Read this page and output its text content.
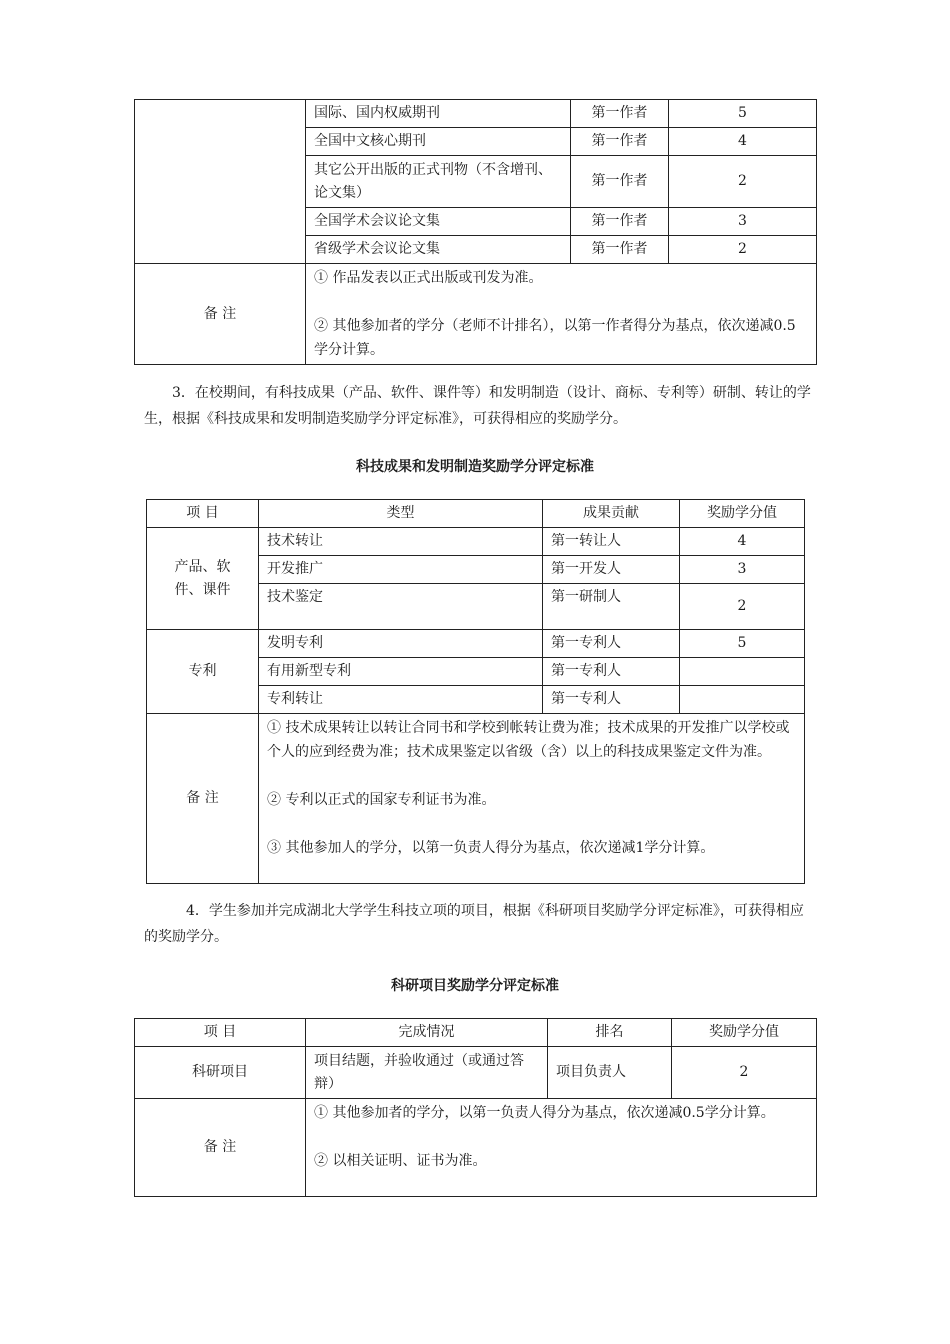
	国际、国内权威期刊	第一作者	5
	全国中文核心期刊	第一作者	4
	其它公开出版的正式刊物（不含增刊、论文集）	第一作者	2
	全国学术会议论文集	第一作者	3
	省级学术会议论文集	第一作者	2
备 注	① 作品发表以正式出版或刊发为准。

② 其他参加者的学分（老师不计排名），以第一作者得分为基点，依次递减0.5学分计算。		

3．在校期间，有科技成果（产品、软件、课件等）和发明制造（设计、商标、专利等）研制、转让的学生，根据《科技成果和发明制造奖励学分评定标准》，可获得相应的奖励学分。

科技成果和发明制造奖励学分评定标准

项 目	类型	成果贡献	奖励学分值
产品、软件、课件	技术转让	第一转让人	4
	开发推广	第一开发人	3
	技术鉴定	第一研制人	2
专利	发明专利	第一专利人	5
	有用新型专利	第一专利人	
	专利转让	第一专利人	
备 注	① 技术成果转让以转让合同书和学校到帐转让费为准；技术成果的开发推广以学校或个人的应到经费为准；技术成果鉴定以省级（含）以上的科技成果鉴定文件为准。

② 专利以正式的国家专利证书为准。

③ 其他参加人的学分，以第一负责人得分为基点，依次递减1学分计算。		

4．学生参加并完成湖北大学学生科技立项的项目，根据《科研项目奖励学分评定标准》，可获得相应的奖励学分。

科研项目奖励学分评定标准

项 目	完成情况	排名	奖励学分值
科研项目	项目结题，并验收通过（或通过答辩）	项目负责人	2
备 注	① 其他参加者的学分，以第一负责人得分为基点，依次递减0.5学分计算。

② 以相关证明、证书为准。		
